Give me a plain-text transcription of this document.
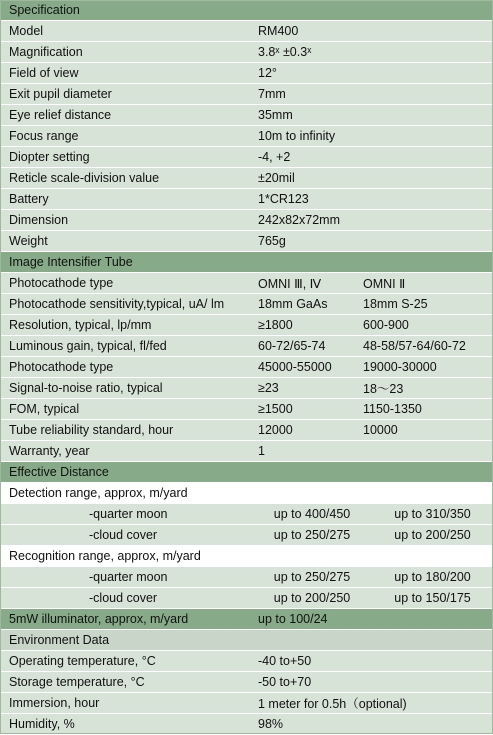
Specification
Model	RM400
Magnification	3.8ˣ ±0.3ˣ
Field of view	12°
Exit pupil diameter	7mm
Eye relief distance	35mm
Focus range	10m to infinity
Diopter setting	-4, +2
Reticle scale-division value	±20mil
Battery	1*CR123
Dimension	242x82x72mm
Weight	765g
Image Intensifier Tube
Photocathode type	OMNI Ⅲ, Ⅳ	OMNI Ⅱ
Photocathode sensitivity,typical, uA/ lm	18mm GaAs	18mm S-25
Resolution, typical, lp/mm	≥1800	600-900
Luminous gain, typical, fl/fed	60-72/65-74	48-58/57-64/60-72
Photocathode type	45000-55000	19000-30000
Signal-to-noise ratio, typical	≥23	18～23
FOM, typical	≥1500	1150-1350
Tube reliability standard, hour	12000	10000
Warranty, year	1
Effective Distance
Detection range, approx, m/yard
-quarter moon	up to 400/450	up to 310/350
-cloud cover	up to 250/275	up to 200/250
Recognition range, approx, m/yard
-quarter moon	up to 250/275	up to 180/200
-cloud cover	up to 200/250	up to 150/175
5mW illuminator, approx, m/yard	up to 100/24
Environment Data
Operating temperature, °C	-40 to+50
Storage temperature, °C	-50 to+70
Immersion, hour	1 meter for 0.5h（optional)
Humidity, %	98%
